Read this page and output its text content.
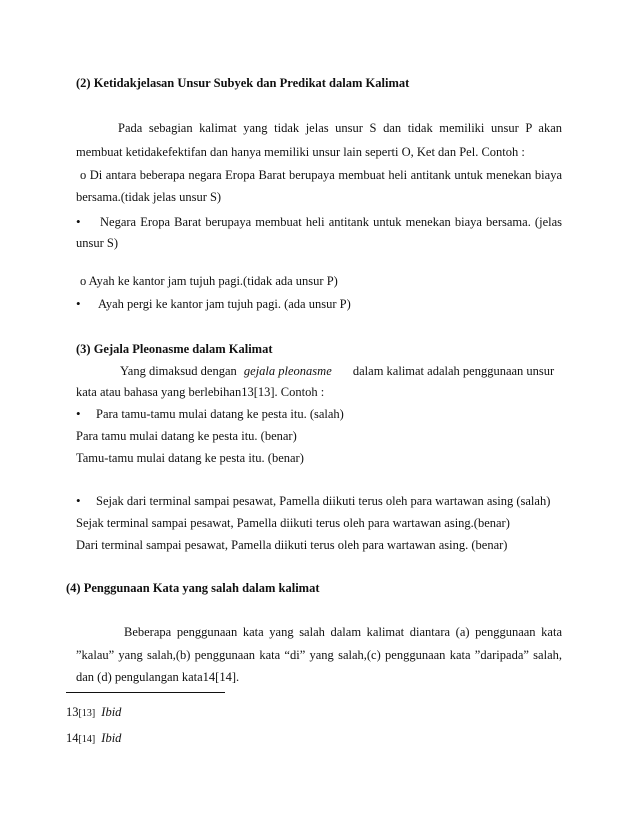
(2) Ketidakjelasan Unsur Subyek dan Predikat dalam Kalimat
Pada sebagian kalimat yang tidak jelas unsur S dan tidak memiliki unsur P akan
membuat ketidakefektifan dan hanya memiliki unsur lain seperti O, Ket dan Pel. Contoh :
o Di antara beberapa negara Eropa Barat berupaya membuat heli antitank untuk menekan biaya
bersama.(tidak jelas unsur S)
•
Negara Eropa Barat berupaya membuat heli antitank untuk menekan biaya bersama. (jelas
unsur S)
o Ayah ke kantor jam tujuh pagi.(tidak ada unsur P)
•
Ayah pergi ke kantor jam tujuh pagi. (ada unsur P)
(3) Gejala Pleonasme dalam Kalimat
Yang dimaksud dengan gejala pleonasme dalam kalimat adalah penggunaan unsur
kata atau bahasa yang berlebihan13[13]. Contoh :
•
Para tamu-tamu mulai datang ke pesta itu. (salah)
Para tamu mulai datang ke pesta itu. (benar)
Tamu-tamu mulai datang ke pesta itu. (benar)
•
Sejak dari terminal sampai pesawat, Pamella diikuti terus oleh para wartawan asing (salah)
Sejak terminal sampai pesawat, Pamella diikuti terus oleh para wartawan asing.(benar)
Dari terminal sampai pesawat, Pamella diikuti terus oleh para wartawan asing. (benar)
(4) Penggunaan Kata yang salah dalam kalimat
Beberapa penggunaan kata yang salah dalam kalimat diantara (a) penggunaan kata
”kalau” yang salah,(b) penggunaan kata “di” yang salah,(c) penggunaan kata ”daripada” salah,
dan (d) pengulangan kata14[14].
13[13] Ibid
14[14] Ibid
